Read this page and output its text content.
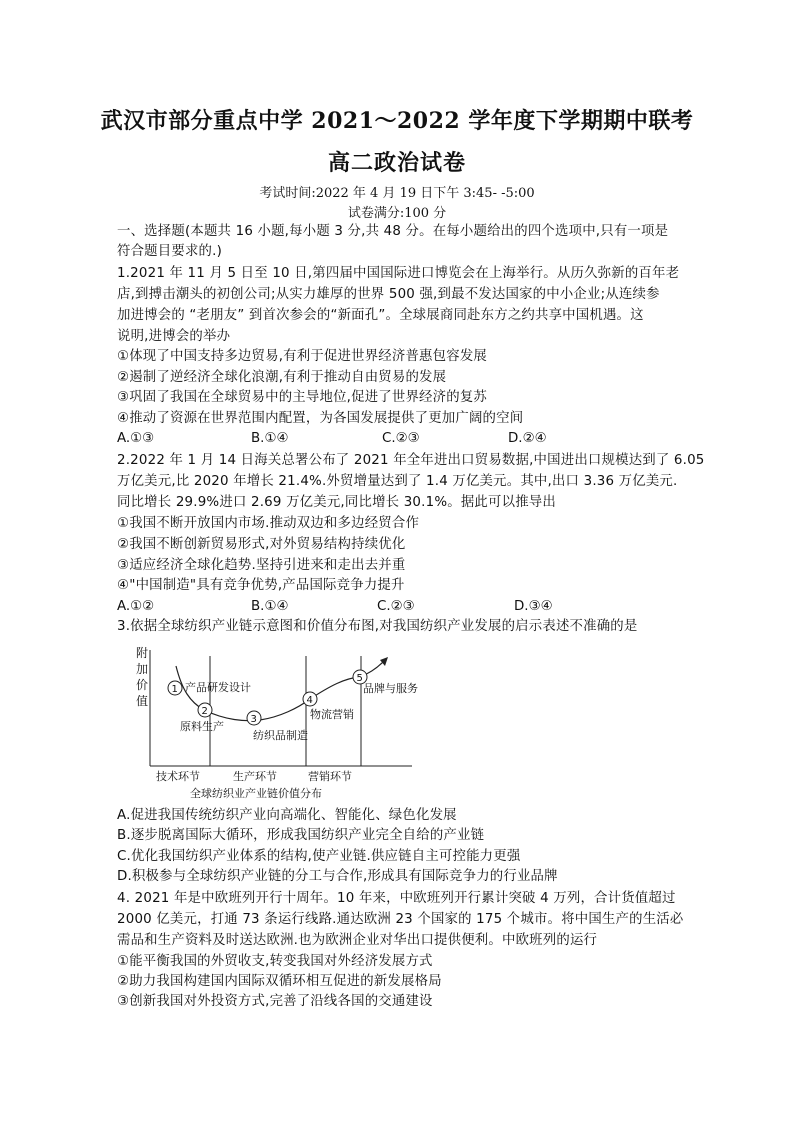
武汉市部分重点中学 2021～2022 学年度下学期期中联考
高二政治试卷
考试时间:2022 年 4 月 19 日下午 3:45- -5:00
试卷满分:100 分
一、选择题(本题共 16 小题,每小题 3 分,共 48 分。在每小题给出的四个选项中,只有一项是
符合题目要求的.)
1.2021 年 11 月 5 日至 10 日,第四届中国国际进口博览会在上海举行。从历久弥新的百年老
店,到搏击潮头的初创公司;从实力雄厚的世界 500 强,到最不发达国家的中小企业;从连续参
加进博会的 “老朋友” 到首次参会的“新面孔”。全球展商同赴东方之约共享中国机遇。这
说明,进博会的举办
①体现了中国支持多边贸易,有利于促进世界经济普惠包容发展
②遏制了逆经济全球化浪潮,有利于推动自由贸易的发展
③巩固了我国在全球贸易中的主导地位,促进了世界经济的复苏
④推动了资源在世界范围内配置，为各国发展提供了更加广阔的空间
A.①③	B.①④	C.②③	D.②④
2.2022 年 1 月 14 日海关总署公布了 2021 年全年进出口贸易数据,中国进出口规模达到了 6.05
万亿美元,比 2020 年增长 21.4%.外贸增量达到了 1.4 万亿美元。其中,出口 3.36 万亿美元.
同比增长 29.9%进口 2.69 万亿美元,同比增长 30.1%。据此可以推导出
①我国不断开放国内市场.推动双边和多边经贸合作
②我国不断创新贸易形式,对外贸易结构持续优化
③适应经济全球化趋势.坚持引进来和走出去并重
④"中国制造"具有竞争优势,产品国际竞争力提升
A.①②	B.①④	C.②③	D.③④
3.依据全球纺织产业链示意图和价值分布图,对我国纺织产业发展的启示表述不准确的是
附
加
价
值
1
2
3
4
5
产品研发设计
原料生产
纺织品制造
物流营销
品牌与服务
技术环节	生产环节	营销环节
全球纺织业产业链价值分布
A.促进我国传统纺织产业向高端化、智能化、绿色化发展
B.逐步脱离国际大循环，形成我国纺织产业完全自给的产业链
C.优化我国纺织产业体系的结构,使产业链.供应链自主可控能力更强
D.积极参与全球纺织产业链的分工与合作,形成具有国际竞争力的行业品牌
4. 2021 年是中欧班列开行十周年。10 年来，中欧班列开行累计突破 4 万列，合计货值超过
2000 亿美元，打通 73 条运行线路.通达欧洲 23 个国家的 175 个城市。将中国生产的生活必
需品和生产资料及时送达欧洲.也为欧洲企业对华出口提供便利。中欧班列的运行
①能平衡我国的外贸收支,转变我国对外经济发展方式
②助力我国构建国内国际双循环相互促进的新发展格局
③创新我国对外投资方式,完善了沿线各国的交通建设
